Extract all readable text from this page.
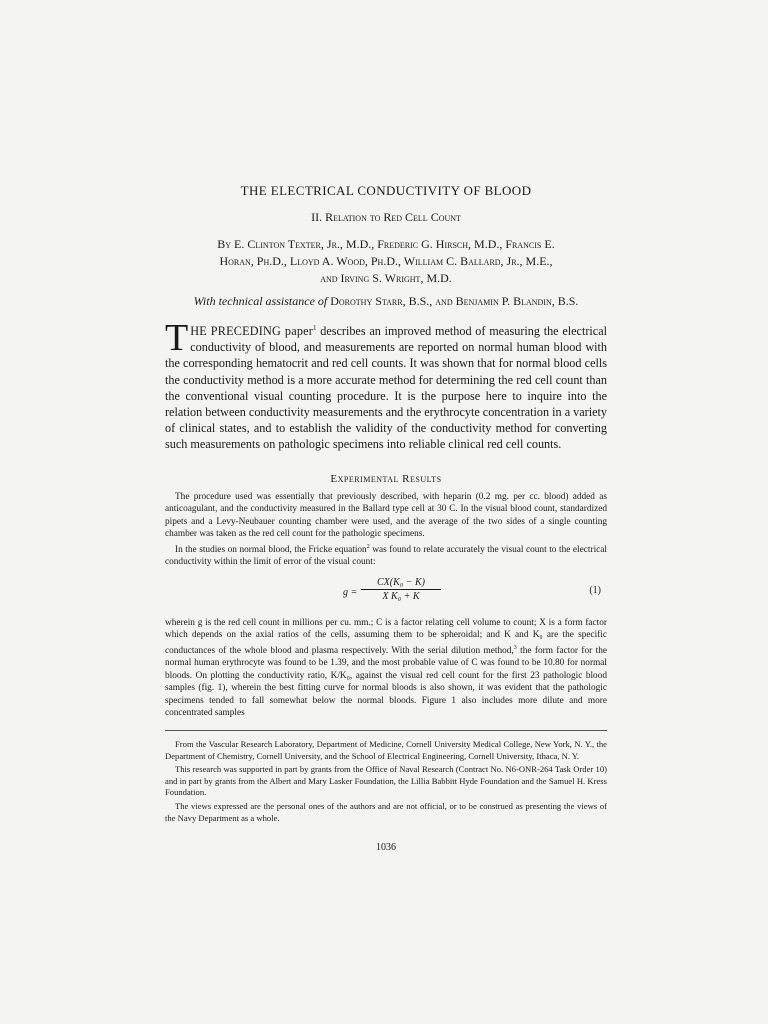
THE ELECTRICAL CONDUCTIVITY OF BLOOD
II. Relation to Red Cell Count
By E. Clinton Texter, Jr., M.D., Frederic G. Hirsch, M.D., Francis E.
Horan, Ph.D., Lloyd A. Wood, Ph.D., William C. Ballard, Jr., M.E.,
and Irving S. Wright, M.D.
With technical assistance of Dorothy Starr, B.S., and Benjamin P. Blandin, B.S.
THE PRECEDING paper$^1$ describes an improved method of measuring the electrical conductivity of blood, and measurements are reported on normal human blood with the corresponding hematocrit and red cell counts. It was shown that for normal blood cells the conductivity method is a more accurate method for determining the red cell count than the conventional visual counting procedure. It is the purpose here to inquire into the relation between conductivity measurements and the erythrocyte concentration in a variety of clinical states, and to establish the validity of the conductivity method for converting such measurements on pathologic specimens into reliable clinical red cell counts.
Experimental Results

The procedure used was essentially that previously described, with heparin (0.2 mg. per cc. blood) added as anticoagulant, and the conductivity measured in the Ballard type cell at 30 C. In the visual blood count, standardized pipets and a Levy-Neubauer counting chamber were used, and the average of the two sides of a single counting chamber was taken as the red cell count for the pathologic specimens.

In the studies on normal blood, the Fricke equation$^2$ was found to relate accurately the visual count to the electrical conductivity within the limit of error of the visual count:

$g = \frac{\text{CX(K₀ − K)}}{\text{X K₀ + K}}$	(1)
wherein g is the red cell count in millions per cu. mm.; C is a factor relating cell volume to count; X is a form factor which depends on the axial ratios of the cells, assuming them to be spheroidal; and K and K₀ are the specific conductances of the whole blood and plasma respectively. With the serial dilution method,$^3$ the form factor for the normal human erythrocyte was found to be 1.39, and the most probable value of C was found to be 10.80 for normal bloods. On plotting the conductivity ratio, K/K₀, against the visual red cell count for the first 23 pathologic blood samples (fig. 1), wherein the best fitting curve for normal bloods is also shown, it was evident that the pathologic specimens tended to fall somewhat below the normal bloods. Figure 1 also includes more dilute and more concentrated samples

From the Vascular Research Laboratory, Department of Medicine, Cornell University Medical College, New York, N. Y., the Department of Chemistry, Cornell University, and the School of Electrical Engineering, Cornell University, Ithaca, N. Y.

This research was supported in part by grants from the Office of Naval Research (Contract No. N6-ONR-264 Task Order 10) and in part by grants from the Albert and Mary Lasker Foundation, the Lillia Babbitt Hyde Foundation and the Samuel H. Kress Foundation.

The views expressed are the personal ones of the authors and are not official, or to be construed as presenting the views of the Navy Department as a whole.

1036
